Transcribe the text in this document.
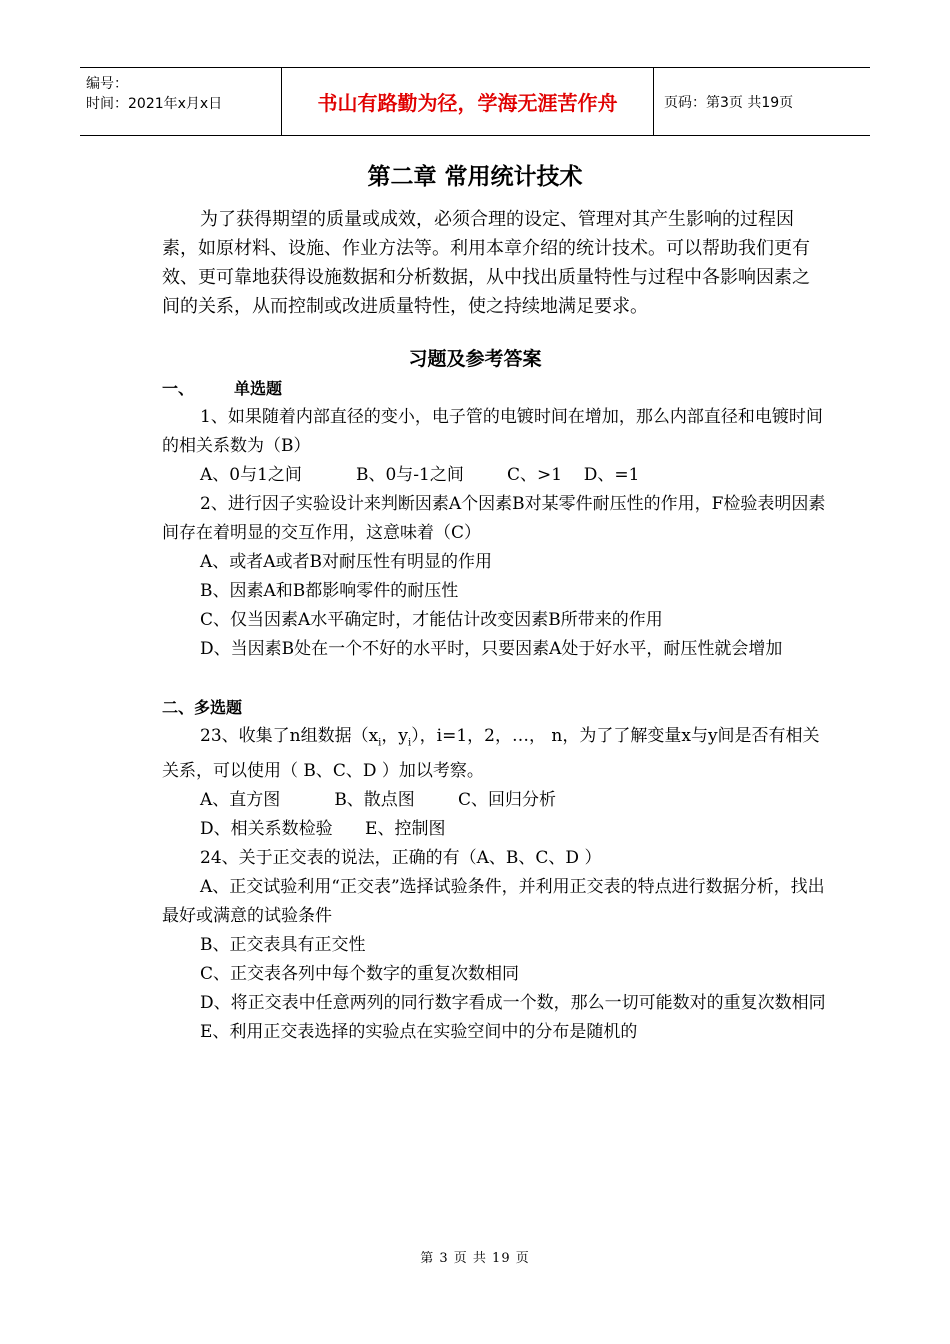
编号：
时间：2021年x月x日	书山有路勤为径，学海无涯苦作舟	页码：第3页 共19页
第二章 常用统计技术

为了获得期望的质量或成效，必须合理的设定、管理对其产生影响的过程因素，如原材料、设施、作业方法等。利用本章介绍的统计技术。可以帮助我们更有效、更可靠地获得设施数据和分析数据，从中找出质量特性与过程中各影响因素之间的关系，从而控制或改进质量特性，使之持续地满足要求。

习题及参考答案
一、	单选题

1、如果随着内部直径的变小，电子管的电镀时间在增加，那么内部直径和电镀时间的相关系数为（B）

A、0与1之间          B、0与-1之间        C、>1    D、=1

2、进行因子实验设计来判断因素A个因素B对某零件耐压性的作用，F检验表明因素间存在着明显的交互作用，这意味着（C）

A、或者A或者B对耐压性有明显的作用

B、因素A和B都影响零件的耐压性

C、仅当因素A水平确定时，才能估计改变因素B所带来的作用

D、当因素B处在一个不好的水平时，只要因素A处于好水平，耐压性就会增加

二、多选题

23、收集了n组数据（$x_i$，$y_i$），i=1，2，…， n，为了了解变量x与y间是否有相关关系，可以使用（ B、C、D ）加以考察。

A、直方图          B、散点图        C、回归分析

D、相关系数检验      E、控制图

24、关于正交表的说法，正确的有（A、B、C、D ）

A、正交试验利用“正交表”选择试验条件，并利用正交表的特点进行数据分析，找出最好或满意的试验条件

B、正交表具有正交性

C、正交表各列中每个数字的重复次数相同

D、将正交表中任意两列的同行数字看成一个数，那么一切可能数对的重复次数相同

E、利用正交表选择的实验点在实验空间中的分布是随机的

第 3 页 共 19 页
